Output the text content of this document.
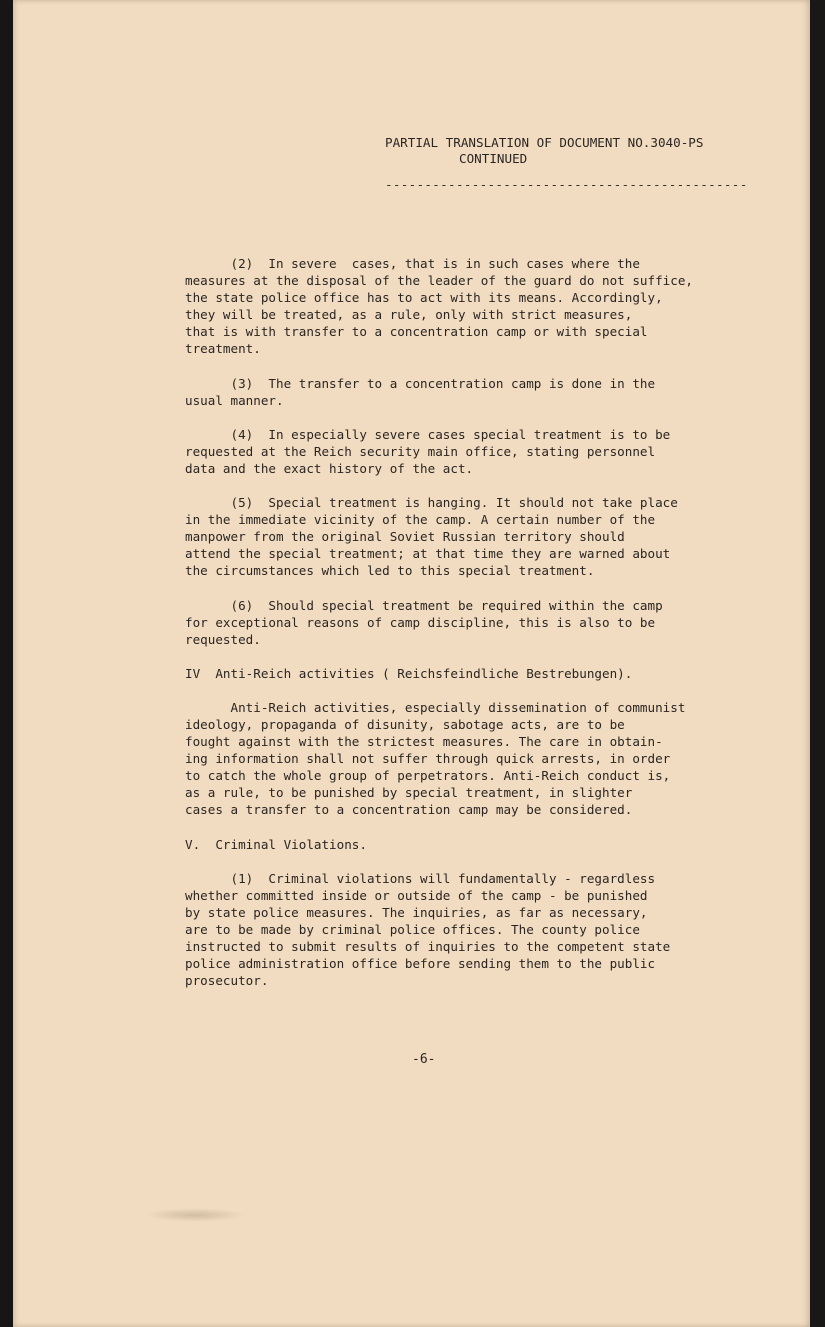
PARTIAL TRANSLATION OF DOCUMENT NO.3040-PS
CONTINUED
----------------------------------------------
(2)  In severe  cases, that is in such cases where the
measures at the disposal of the leader of the guard do not suffice,
the state police office has to act with its means. Accordingly,
they will be treated, as a rule, only with strict measures,
that is with transfer to a concentration camp or with special
treatment.
(3)  The transfer to a concentration camp is done in the
usual manner.
(4)  In especially severe cases special treatment is to be
requested at the Reich security main office, stating personnel
data and the exact history of the act.
(5)  Special treatment is hanging. It should not take place
in the immediate vicinity of the camp. A certain number of the
manpower from the original Soviet Russian territory should
attend the special treatment; at that time they are warned about
the circumstances which led to this special treatment.
(6)  Should special treatment be required within the camp
for exceptional reasons of camp discipline, this is also to be
requested.
IV  Anti-Reich activities ( Reichsfeindliche Bestrebungen).
Anti-Reich activities, especially dissemination of communist
ideology, propaganda of disunity, sabotage acts, are to be
fought against with the strictest measures. The care in obtain-
ing information shall not suffer through quick arrests, in order
to catch the whole group of perpetrators. Anti-Reich conduct is,
as a rule, to be punished by special treatment, in slighter
cases a transfer to a concentration camp may be considered.
V.  Criminal Violations.
(1)  Criminal violations will fundamentally - regardless
whether committed inside or outside of the camp - be punished
by state police measures. The inquiries, as far as necessary,
are to be made by criminal police offices. The county police
instructed to submit results of inquiries to the competent state
police administration office before sending them to the public
prosecutor.
-6-
